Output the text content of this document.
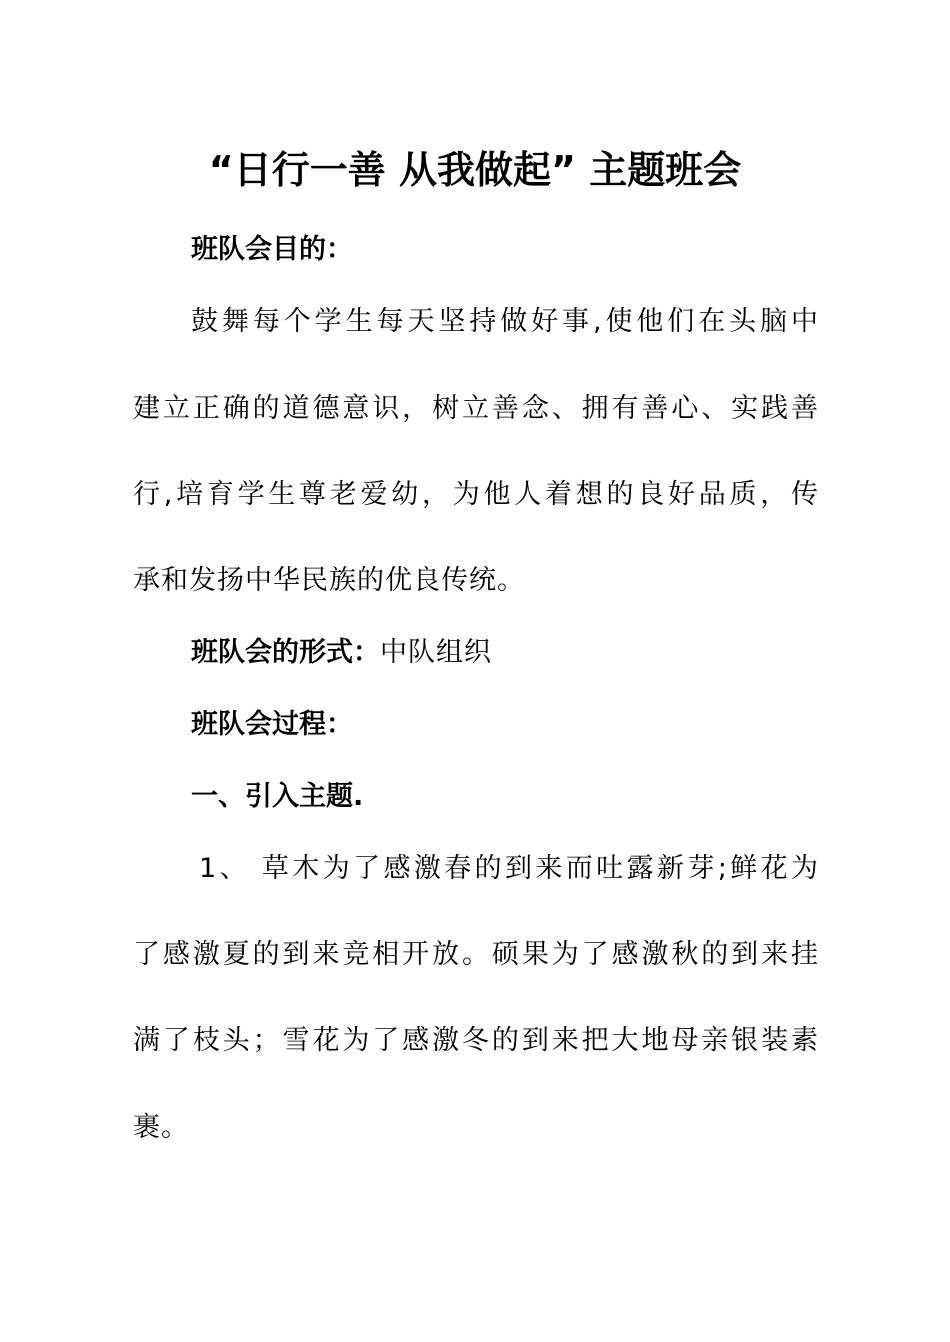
“日行一善 从我做起” 主题班会
班队会目的：
鼓舞每个学生每天坚持做好事,使他们在头脑中
建立正确的道德意识，树立善念、拥有善心、实践善
行,培育学生尊老爱幼，为他人着想的良好品质，传
承和发扬中华民族的优良传统。
班队会的形式：中队组织
班队会过程：
一、引入主题.
1、 草木为了感激春的到来而吐露新芽;鲜花为
了感激夏的到来竞相开放。硕果为了感激秋的到来挂
满了枝头；雪花为了感激冬的到来把大地母亲银装素
裹。
